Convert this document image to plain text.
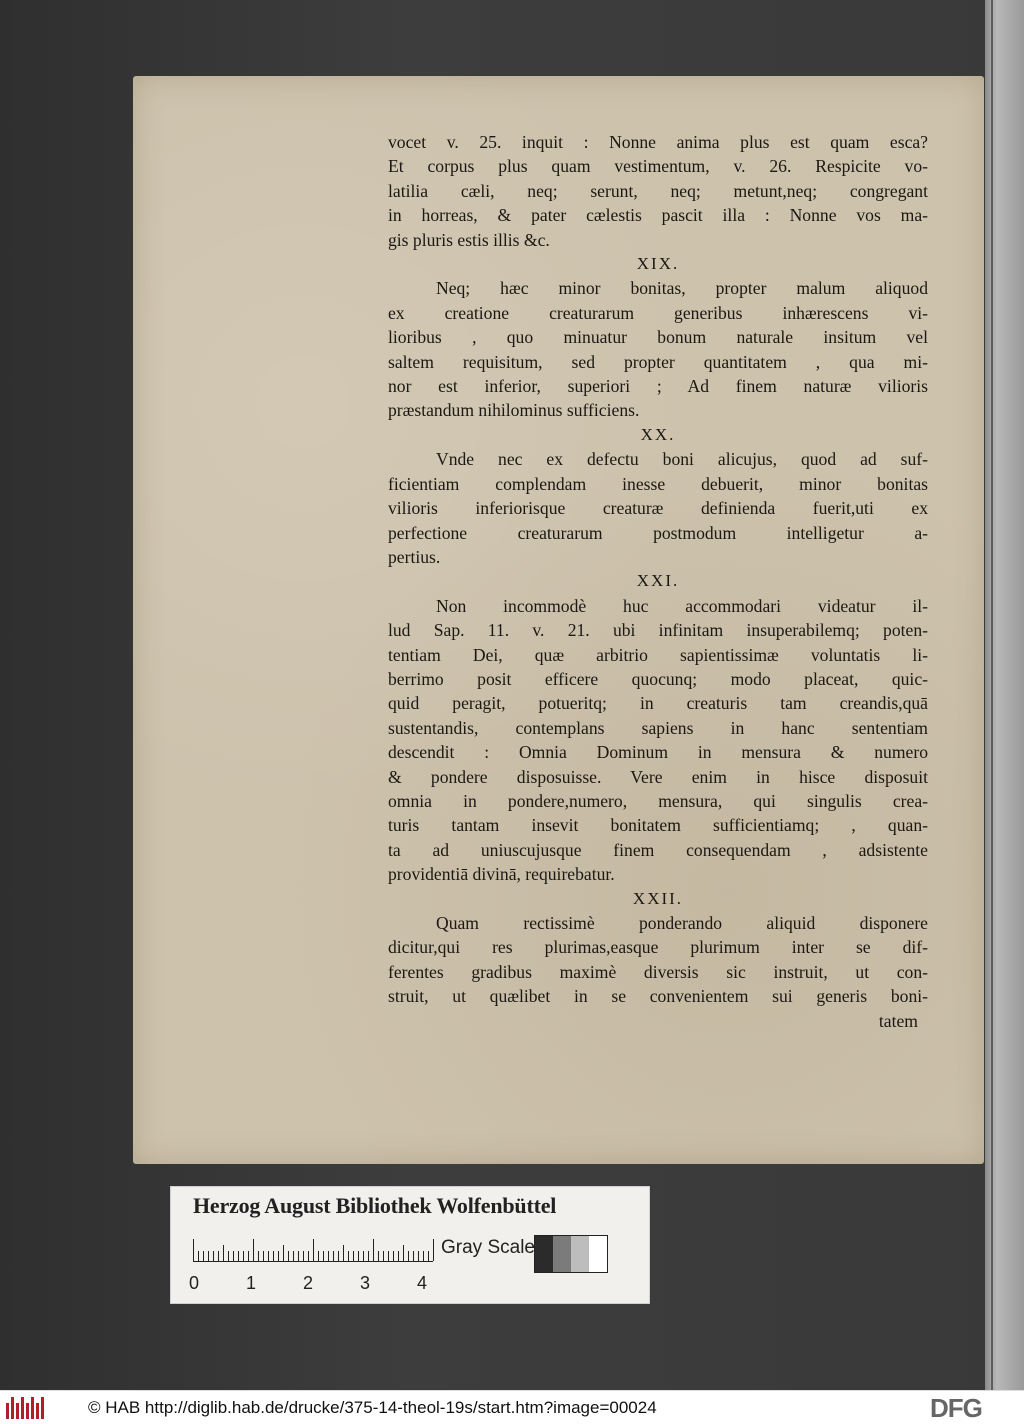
vocet v. 25. inquit : Nonne anima plus est quam esca?
Et corpus plus quam vestimentum, v. 26. Respicite vo-
latilia cæli, neq; serunt, neq; metunt,neq; congregant
in horreas, & pater cælestis pascit illa : Nonne vos ma-
gis pluris estis illis &c.
XIX.
Neq; hæc minor bonitas, propter malum aliquod
ex creatione creaturarum generibus inhærescens vi-
lioribus , quo minuatur bonum naturale insitum vel
saltem requisitum, sed propter quantitatem , qua mi-
nor est inferior, superiori ; Ad finem naturæ vilioris
præstandum nihilominus sufficiens.
XX.
Vnde nec ex defectu boni alicujus, quod ad suf-
ficientiam complendam inesse debuerit, minor bonitas
vilioris inferiorisque creaturæ definienda fuerit,uti ex
perfectione creaturarum postmodum intelligetur a-
pertius.
XXI.
Non incommodè huc accommodari videatur il-
lud Sap. 11. v. 21. ubi infinitam insuperabilemq; poten-
tentiam Dei, quæ arbitrio sapientissimæ voluntatis li-
berrimo posit efficere quocunq; modo placeat, quic-
quid peragit, potueritq; in creaturis tam creandis,quā
sustentandis, contemplans sapiens in hanc sententiam
descendit : Omnia Dominum in mensura & numero
& pondere disposuisse. Vere enim in hisce disposuit
omnia in pondere,numero, mensura, qui singulis crea-
turis tantam insevit bonitatem sufficientiamq; , quan-
ta ad uniuscujusque finem consequendam , adsistente
providentiā divinā, requirebatur.
XXII.
Quam rectissimè ponderando aliquid disponere
dicitur,qui res plurimas,easque plurimum inter se dif-
ferentes gradibus maximè diversis sic instruit, ut con-
struit, ut quælibet in se convenientem sui generis boni-
tatem
Herzog August Bibliothek Wolfenbüttel
0	1	2	3	4
Gray Scale
© HAB http://diglib.hab.de/drucke/375-14-theol-19s/start.htm?image=00024	DFG
